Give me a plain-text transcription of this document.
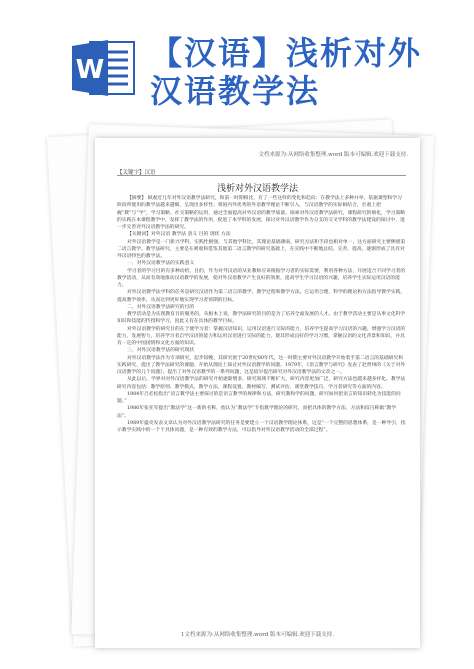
W 【汉语】浅析对外
汉语教学法
文档来源为:从网络收集整理.word 版本可编辑.欢迎下载支持.
【关键字】汉语
浅析对外汉语教学法

【摘要】 纵观近几年对外汉语教学法研究，和前一时期相比，有了一些这样的变化和趋向：在教学法上多种并举，依据课型和学习阶段所使用的教学法越来越细，呈现出多样性；将国内外优秀的外语教学理论不断引入，与汉语教学的实际相结合，宏观上把握“教”与“学”，学习策略、社交策略的运用，通过全面提高对外汉语的教学质量。探索对外汉语教学法研究，课程研究的细化，学习策略的实践在本课程教学中，发挥了教学法的作用，促进了本学科的发展，探讨对外汉语教学作为分支的交叉学科的教学法建设的探讨中，进一步完善对外汉语教学法的研究。

【关键词】对外汉语 教学法 意义 目的 现状 方法

对外汉语教学是一门新兴学科，实践性极强，与其他学科比，其理论基础薄弱，研究方法和手段也相对单一，这方面研究主要侧重第二语言教学。教学法研究，主要是在吸收和借鉴其他第二语言教学的研究基础上，在实践中不断地总结、完善、提高，逐渐形成了具有对外汉语特色的教学法。

一、对外汉语教学法的实践意义

学习者的学习目的有多种动机，目的，作为对外汉语的从业教师应该根据学习者的实际需要，利用各种方法，开展适合不同学习者的教学活动，从而有效地推动汉语教学的发展，使对外汉语教学产生良好的效果，提高学生学习汉语的兴趣，培养学生实际运用汉语的能力。

对外汉语教学法学科的任务是研究汉语作为第二语言的教学，教学过程和教学方法。它运用合理、科学的理论和方法指导教学实践，提高教学效率，从而达到更好地实现学习者预期的目标。

二、对外汉语教学法研究的目的

教学活动是为实现教育目的服务的，从根本上说，教学法研究的目的是为了培养全面发展的人才。由于教学活动主要是从事文化科学知识和技能的传授和学习，因此又有在具体的教学目标。

对外汉语教学的研究目的在于使学习者：掌握汉语知识，运用汉语进行交际的能力，培养学生提高学习汉语的兴趣，增强学习汉语的能力，发展智力，培养学习者自学汉语的能力和运用汉语进行交际的能力，使其形成良好的学习习惯，掌握汉语的文化背景和知识，并具有一定的中国国情和文化方面的知识。

三、对外汉语教学法的研究现状

对外汉语教学法作为专项研究，起步较晚，其研究始于20世纪80年代。这一时期主要对外汉语教学开始着手第二语言的基础研究和实践研究，提出了教学法研究的课题，开始从理论上探讨对外汉语教学的问题。1979年，《语言教学与研究》发表了赵贤州的《关于对外汉语教学的几个问题》，提出了对外汉语教学的一系列问题，这是较早提出研究对外汉语教学法的文章之一。

从此以后，学界对对外汉语教学法的研究开始逐渐增多，研究领域不断扩大，研究内容更加广泛，研究方法也越来越多样化。教学法研究内容包括：教学原则、教学模式、教学方法、课程设置、教材编写、测试评估、课堂教学技巧、学习者研究等方面的内容。

1984年吕必松指出“语言教学法主要探讨的是语言教学的规律和方法，研究教和学的问题，研究如何把语言的知识转化为技能的问题。”

1986年张亚军提出“教法学”这一新的名称，他认为“教法学”专指教学理论的研究，而把具体的教学方法，方法和技巧称做“教学法”。

1989年盛炎发表文章认为对外汉语教学法研究的任务是要建立一个汉语教学理论体系，这是“一个完整的思想体系，是一种导引，指示教学实践中的一个个具体问题，是一种有效的教学方法，可以指导对外汉语教学活动的全部过程”。

1文档来源为:从网络收集整理.word 版本可编辑.欢迎下载支持.
